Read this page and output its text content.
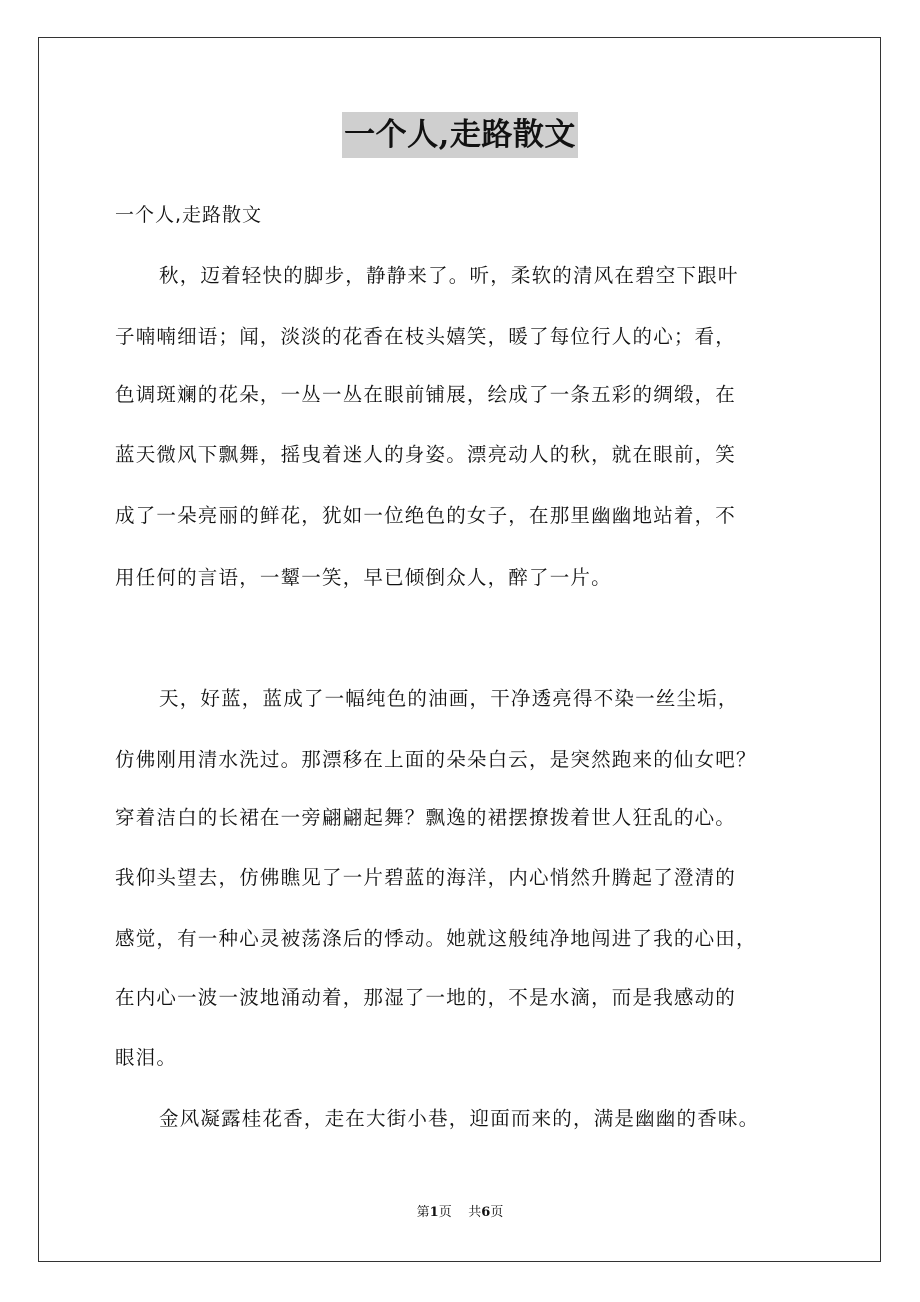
一个人,走路散文
一个人,走路散文
秋，迈着轻快的脚步，静静来了。听，柔软的清风在碧空下跟叶
子喃喃细语；闻，淡淡的花香在枝头嬉笑，暖了每位行人的心；看，
色调斑斓的花朵，一丛一丛在眼前铺展，绘成了一条五彩的绸缎，在
蓝天微风下飘舞，摇曳着迷人的身姿。漂亮动人的秋，就在眼前，笑
成了一朵亮丽的鲜花，犹如一位绝色的女子，在那里幽幽地站着，不
用任何的言语，一颦一笑，早已倾倒众人，醉了一片。
天，好蓝，蓝成了一幅纯色的油画，干净透亮得不染一丝尘垢，
仿佛刚用清水洗过。那漂移在上面的朵朵白云，是突然跑来的仙女吧？
穿着洁白的长裙在一旁翩翩起舞？飘逸的裙摆撩拨着世人狂乱的心。
我仰头望去，仿佛瞧见了一片碧蓝的海洋，内心悄然升腾起了澄清的
感觉，有一种心灵被荡涤后的悸动。她就这般纯净地闯进了我的心田，
在内心一波一波地涌动着，那湿了一地的，不是水滴，而是我感动的
眼泪。
金风凝露桂花香，走在大街小巷，迎面而来的，满是幽幽的香味。
第1页 共6页
